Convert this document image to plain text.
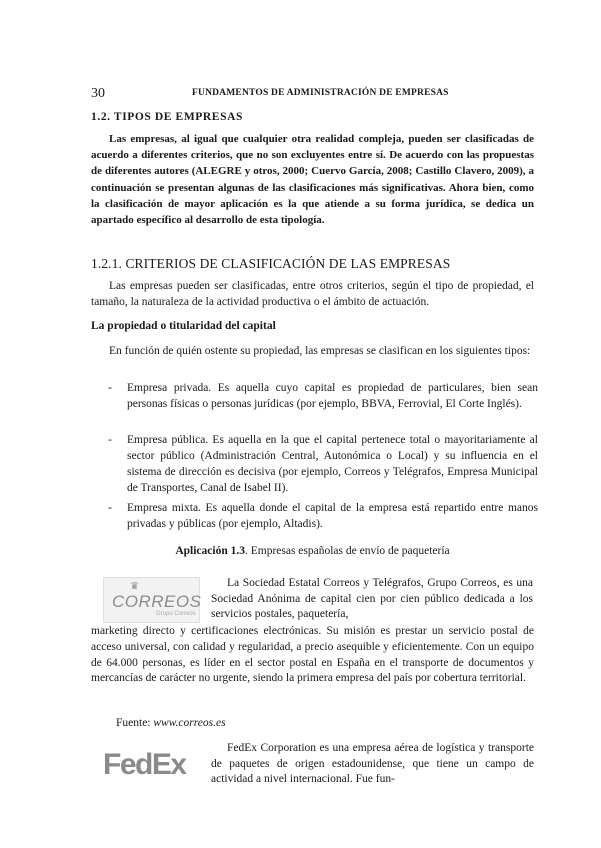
30	FUNDAMENTOS DE ADMINISTRACIÓN DE EMPRESAS
1.2. TIPOS DE EMPRESAS
Las empresas, al igual que cualquier otra realidad compleja, pueden ser clasificadas de acuerdo a diferentes criterios, que no son excluyentes entre sí. De acuerdo con las propuestas de diferentes autores (ALEGRE y otros, 2000; Cuervo García, 2008; Castillo Clavero, 2009), a continuación se presentan algunas de las clasificaciones más significativas. Ahora bien, como la clasificación de mayor aplicación es la que atiende a su forma jurídica, se dedica un apartado específico al desarrollo de esta tipología.
1.2.1. CRITERIOS DE CLASIFICACIÓN DE LAS EMPRESAS
Las empresas pueden ser clasificadas, entre otros criterios, según el tipo de propiedad, el tamaño, la naturaleza de la actividad productiva o el ámbito de actuación.
La propiedad o titularidad del capital
En función de quién ostente su propiedad, las empresas se clasifican en los siguientes tipos:
- Empresa privada. Es aquella cuyo capital es propiedad de particulares, bien sean personas físicas o personas jurídicas (por ejemplo, BBVA, Ferrovial, El Corte Inglés).
- Empresa pública. Es aquella en la que el capital pertenece total o mayoritariamente al sector público (Administración Central, Autonómica o Local) y su influencia en el sistema de dirección es decisiva (por ejemplo, Correos y Telégrafos, Empresa Municipal de Transportes, Canal de Isabel II).
- Empresa mixta. Es aquella donde el capital de la empresa está repartido entre manos privadas y públicas (por ejemplo, Altadis).
Aplicación 1.3. Empresas españolas de envío de paquetería
♛
CORREOS
Grupo Correos
La Sociedad Estatal Correos y Telégrafos, Grupo Correos, es una Sociedad Anónima de capital cien por cien público dedicada a los servicios postales, paquetería,
marketing directo y certificaciones electrónicas. Su misión es prestar un servicio postal de acceso universal, con calidad y regularidad, a precio asequible y eficientemente. Con un equipo de 64.000 personas, es líder en el sector postal en España en el transporte de documentos y mercancías de carácter no urgente, siendo la primera empresa del país por cobertura territorial.
Fuente: www.correos.es
FedEx	FedEx Corporation es una empresa aérea de logística y transporte de paquetes de origen estadounidense, que tiene un campo de actividad a nivel internacional. Fue fun-
